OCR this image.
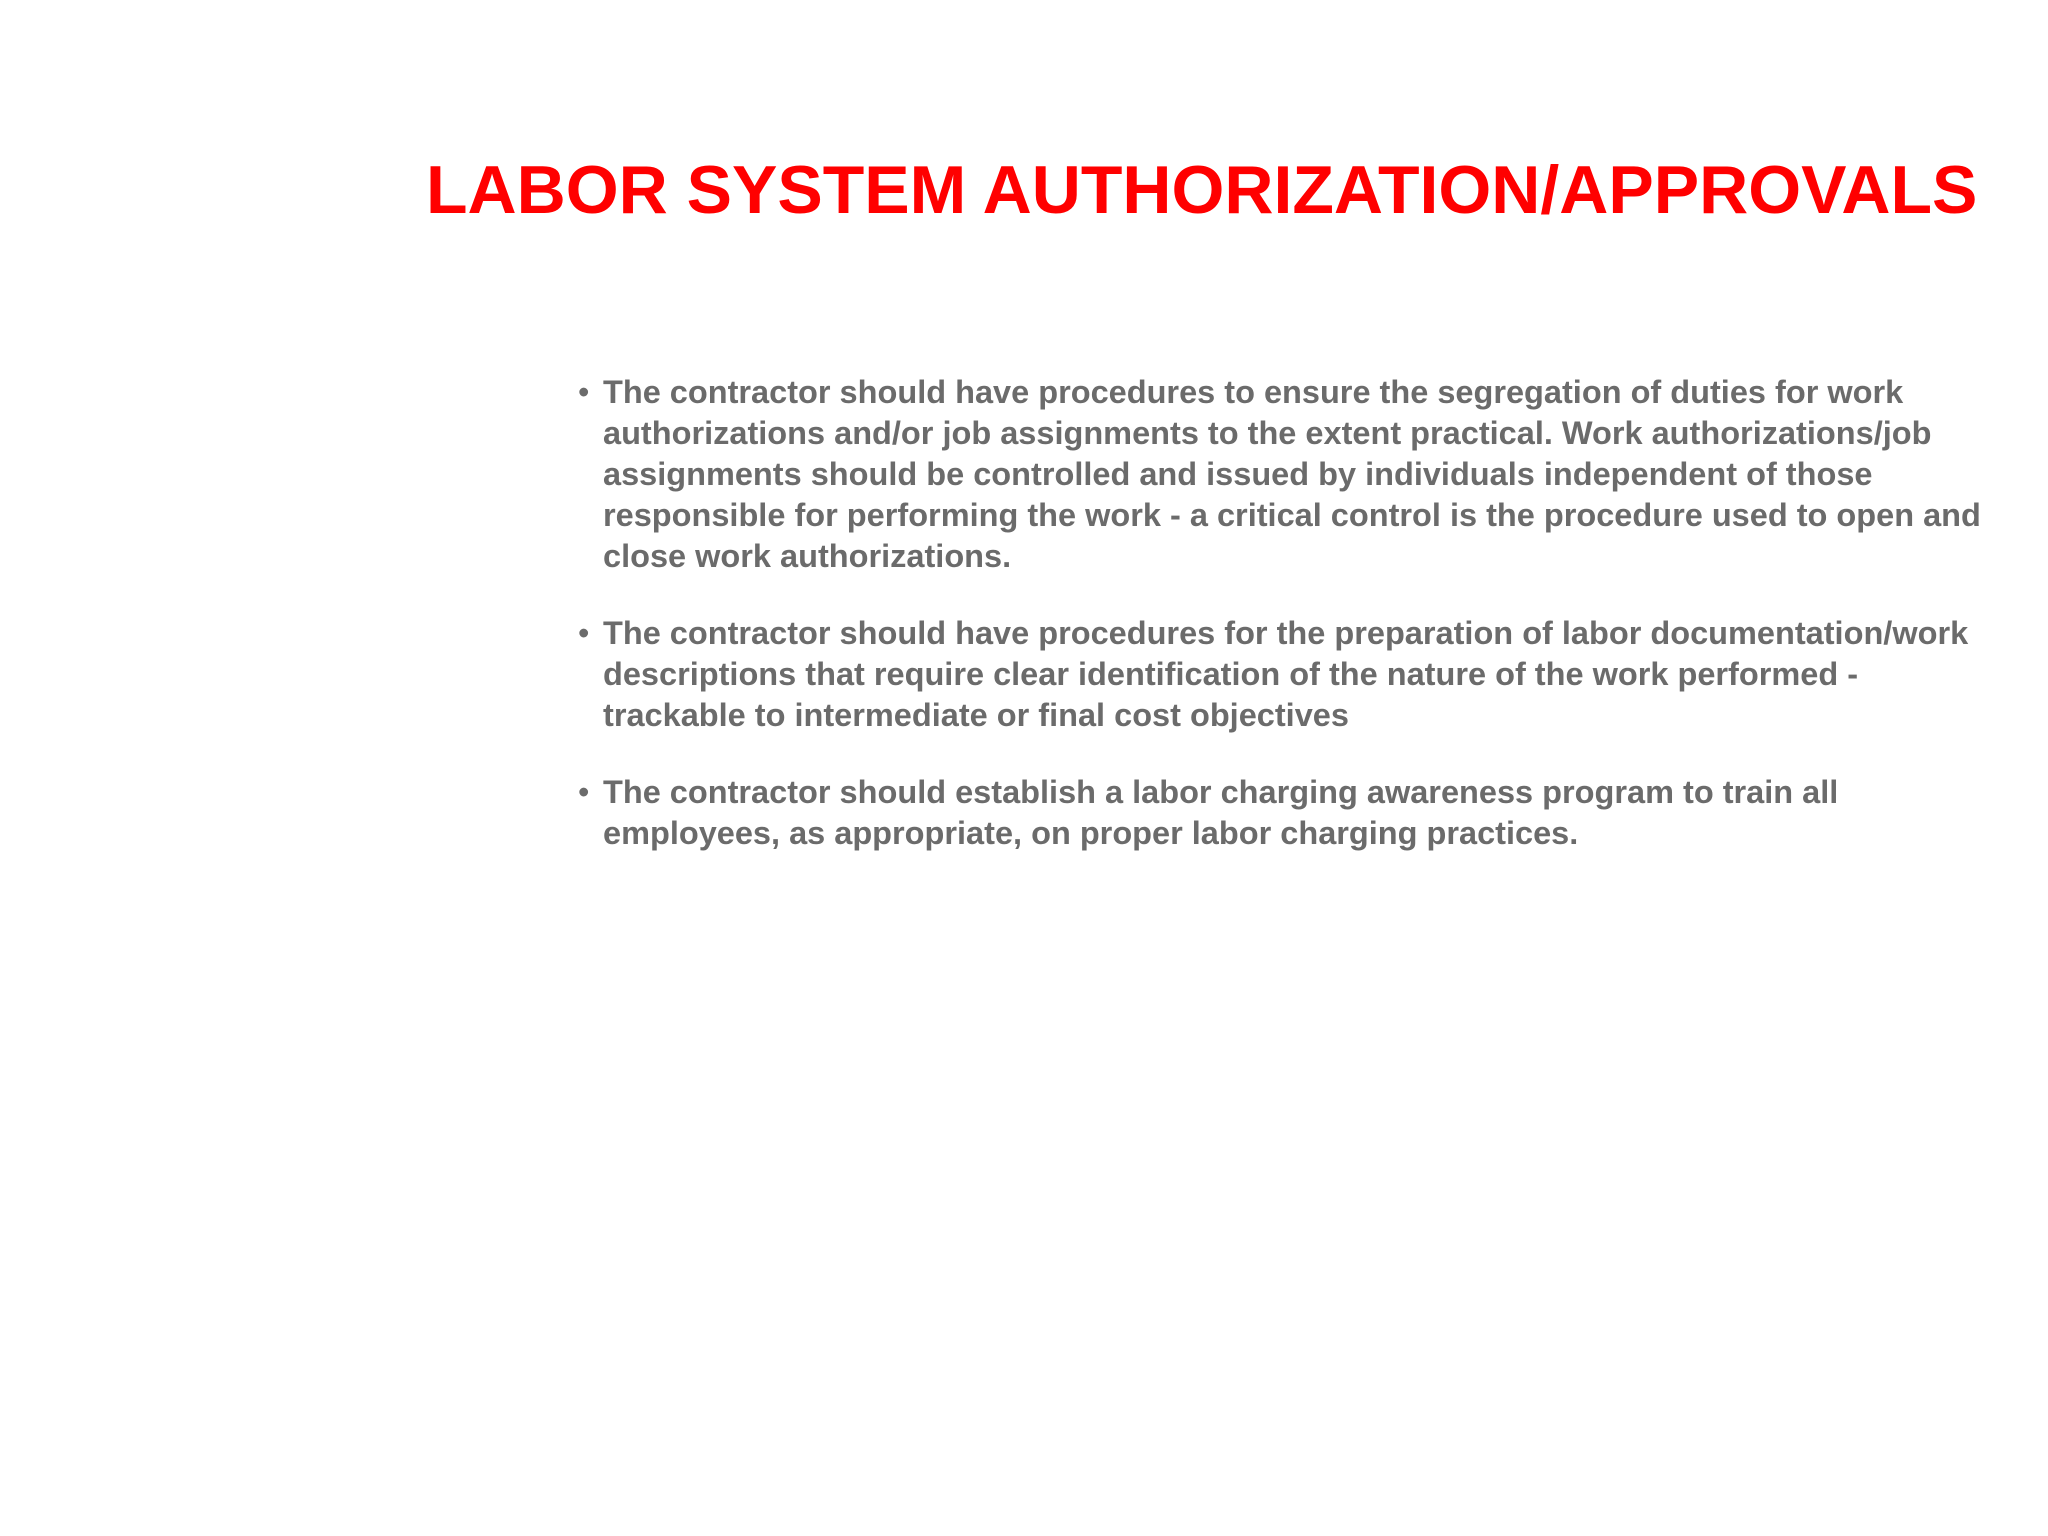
LABOR SYSTEM AUTHORIZATION/APPROVALS
• The contractor should have procedures to ensure the segregation of duties for work authorizations and/or job assignments to the extent practical. Work authorizations/job assignments should be controlled and issued by individuals independent of those responsible for performing the work - a critical control is the procedure used to open and close work authorizations.
• The contractor should have procedures for the preparation of labor documentation/work descriptions that require clear identification of the nature of the work performed - trackable to intermediate or final cost objectives
• The contractor should establish a labor charging awareness program to train all employees, as appropriate, on proper labor charging practices.
